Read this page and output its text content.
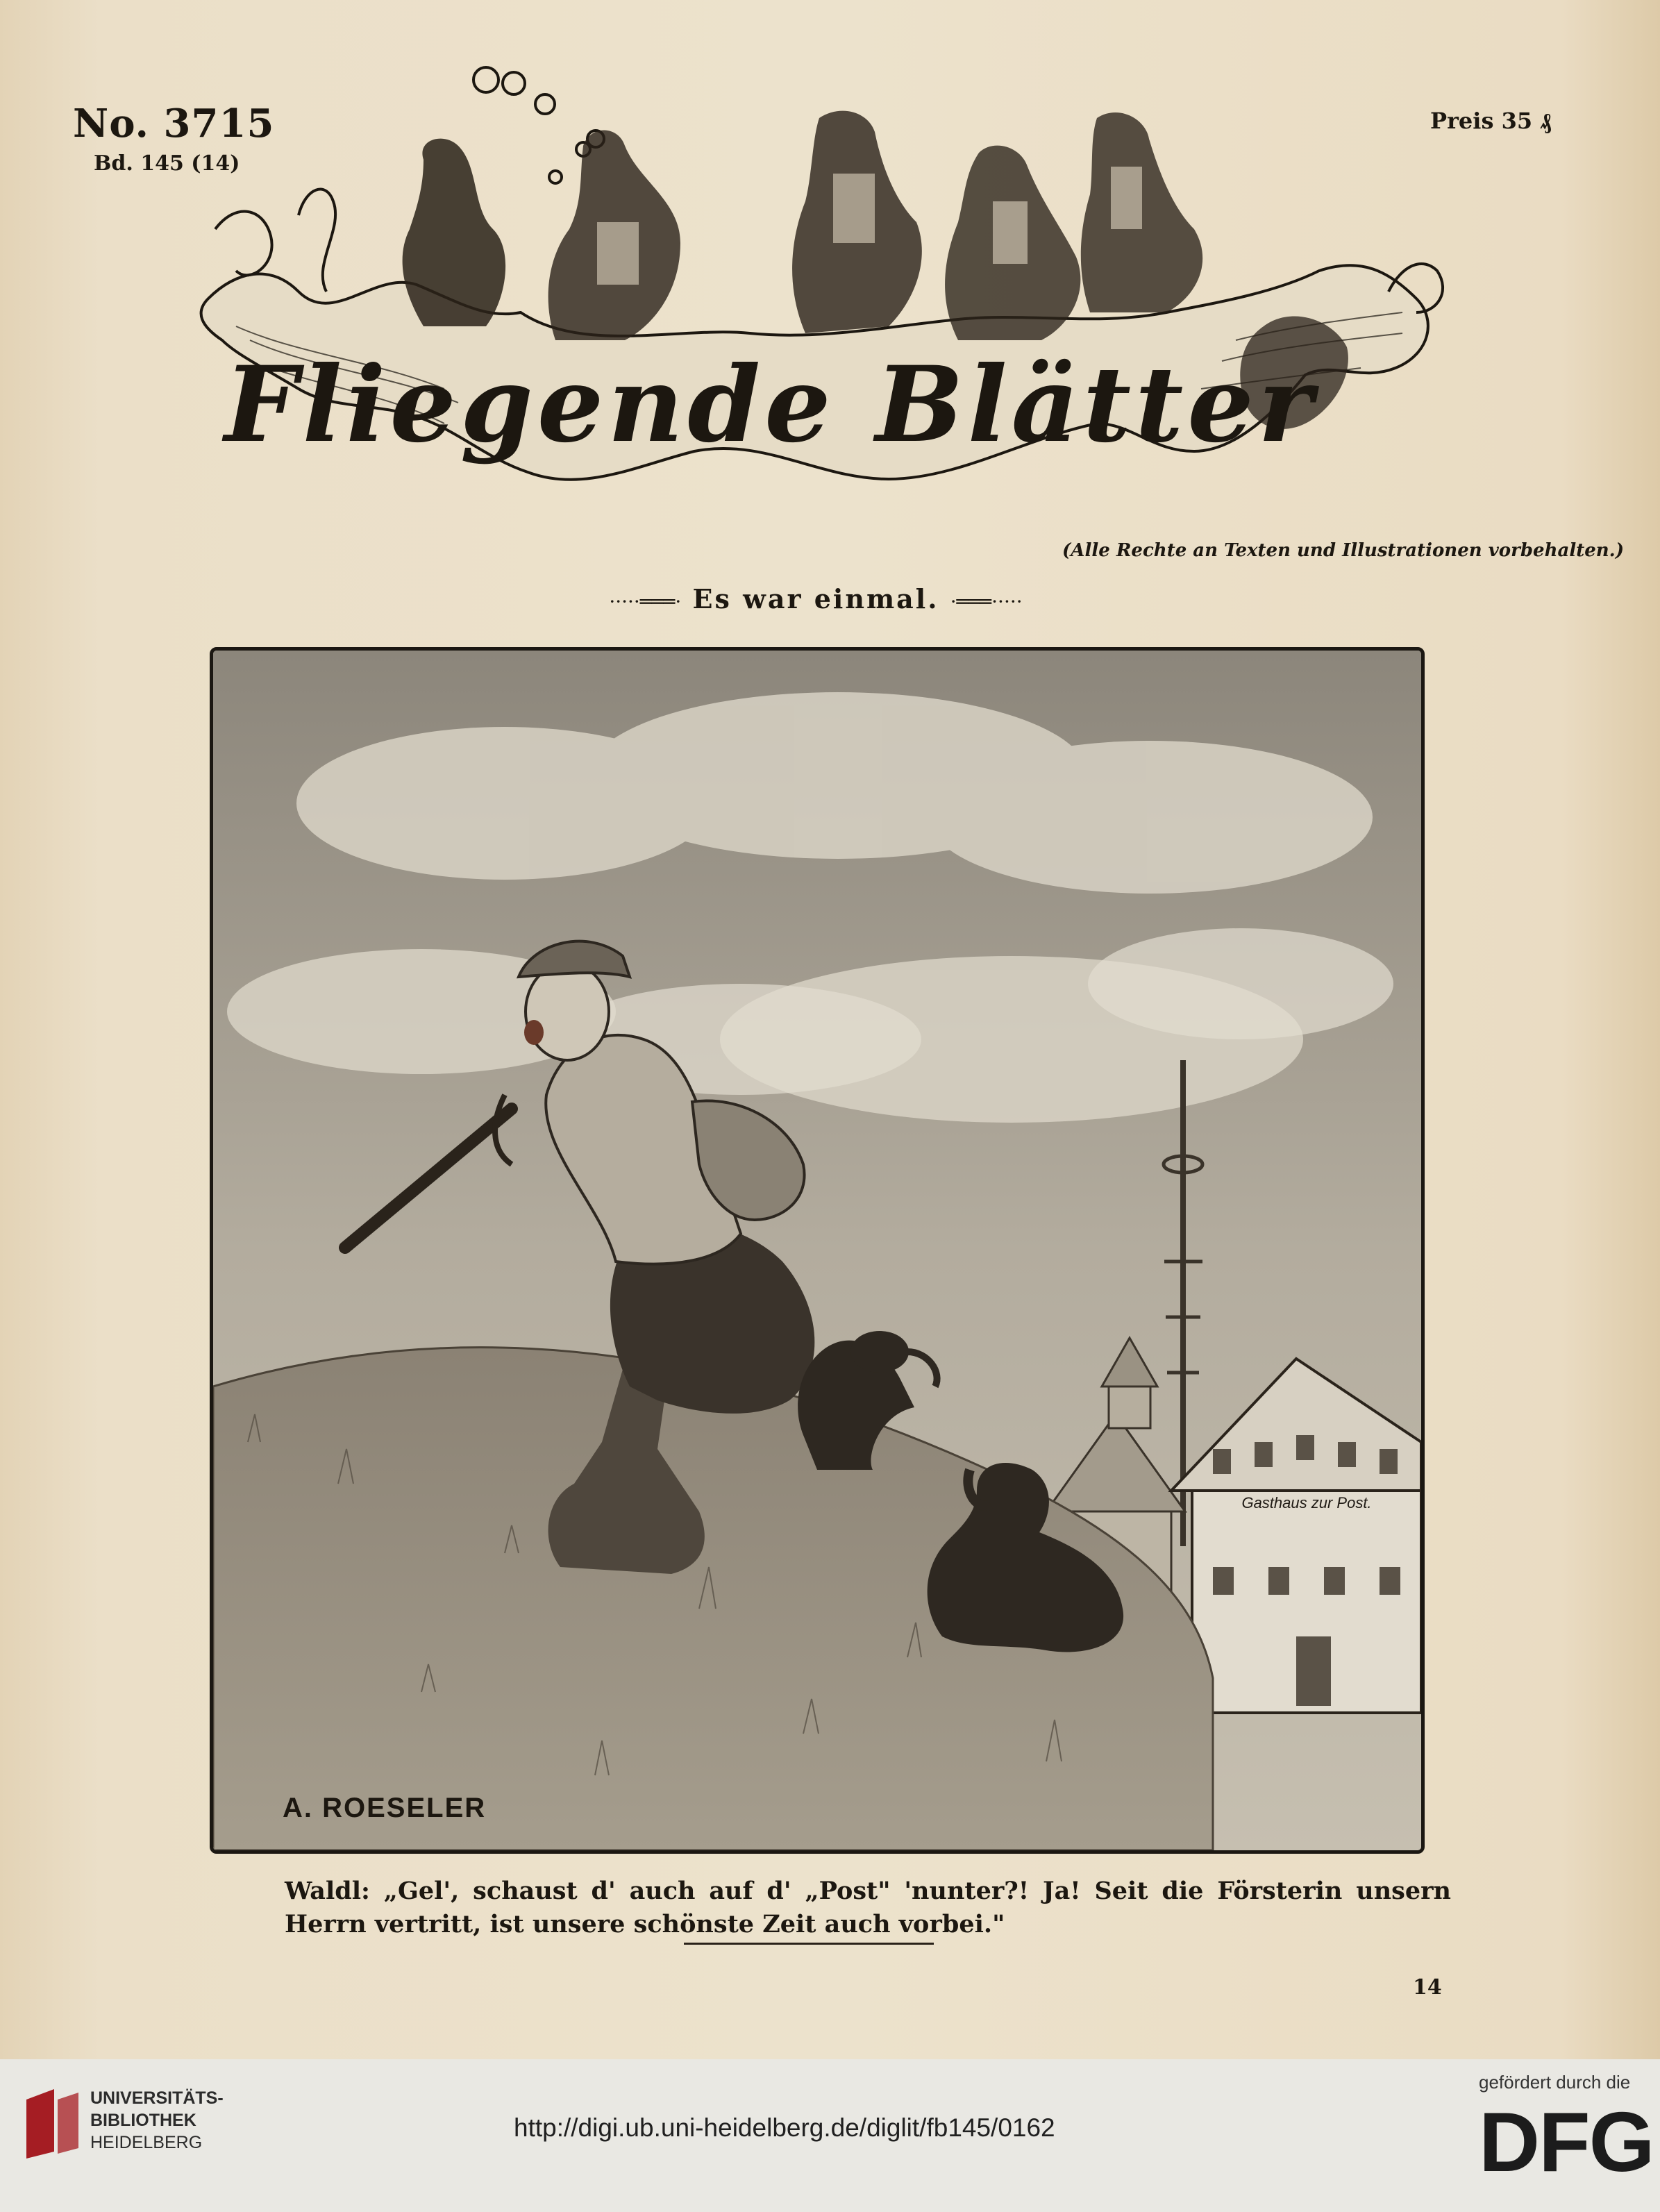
No. 3715
Bd. 145 (14)
Preis 35 ₰
Fliegende Blätter
(Alle Rechte an Texten und Illustrationen vorbehalten.)
·····═══· Es war einmal. ·═══·····
Gasthaus zur Post.
A. ROESELER
Waldl: „Gel', schaust d' auch auf d' „Post" 'nunter?! Ja! Seit die Försterin unsern Herrn vertritt, ist unsere schönste Zeit auch vorbei."
14
UNIVERSITÄTS-
BIBLIOTHEK
HEIDELBERG
http://digi.ub.uni-heidelberg.de/diglit/fb145/0162
gefördert durch die
DFG
